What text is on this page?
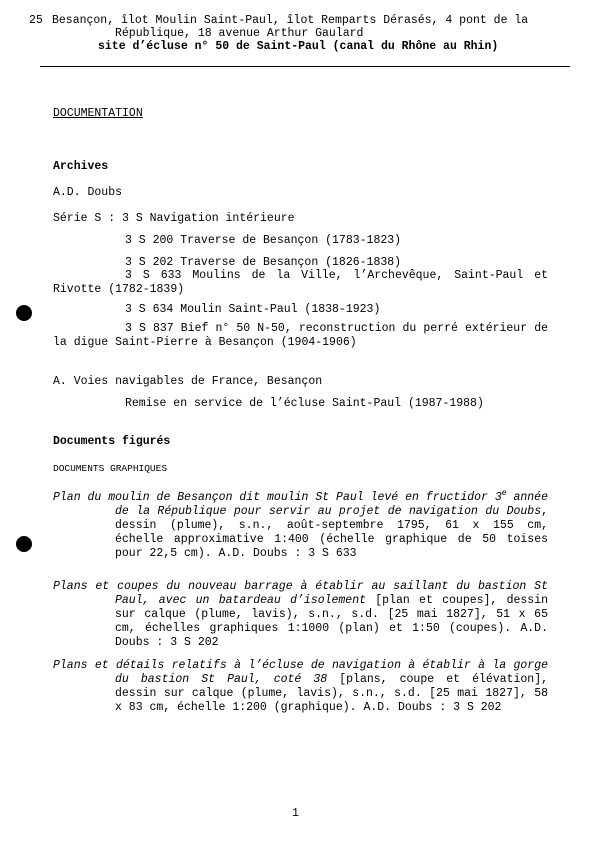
25 Besançon, îlot Moulin Saint-Paul, îlot Remparts Dérasés, 4 pont de la
République, 18 avenue Arthur Gaulard
site d’écluse n° 50 de Saint-Paul (canal du Rhône au Rhin)
DOCUMENTATION
Archives
A.D. Doubs
Série S : 3 S Navigation intérieure
3 S 200 Traverse de Besançon (1783-1823)
3 S 202 Traverse de Besançon (1826-1838)
3 S 633 Moulins de la Ville, l’Archevêque, Saint-Paul et Rivotte (1782-1839)
3 S 634 Moulin Saint-Paul (1838-1923)
3 S 837 Bief n° 50 N-50, reconstruction du perré extérieur de la digue Saint-Pierre à Besançon (1904-1906)
A. Voies navigables de France, Besançon
Remise en service de l’écluse Saint-Paul (1987-1988)
Documents figurés
DOCUMENTS GRAPHIQUES
Plan du moulin de Besançon dit moulin St Paul levé en fructidor 3e année de la République pour servir au projet de navigation du Doubs, dessin (plume), s.n., août-septembre 1795, 61 x 155 cm, échelle approximative 1:400 (échelle graphique de 50 toises pour 22,5 cm). A.D. Doubs : 3 S 633
Plans et coupes du nouveau barrage à établir au saillant du bastion St Paul, avec un batardeau d’isolement [plan et coupes], dessin sur calque (plume, lavis), s.n., s.d. [25 mai 1827], 51 x 65 cm, échelles graphiques 1:1000 (plan) et 1:50 (coupes). A.D. Doubs : 3 S 202
Plans et détails relatifs à l’écluse de navigation à établir à la gorge du bastion St Paul, coté 38 [plans, coupe et élévation], dessin sur calque (plume, lavis), s.n., s.d. [25 mai 1827], 58 x 83 cm, échelle 1:200 (graphique). A.D. Doubs : 3 S 202
1
